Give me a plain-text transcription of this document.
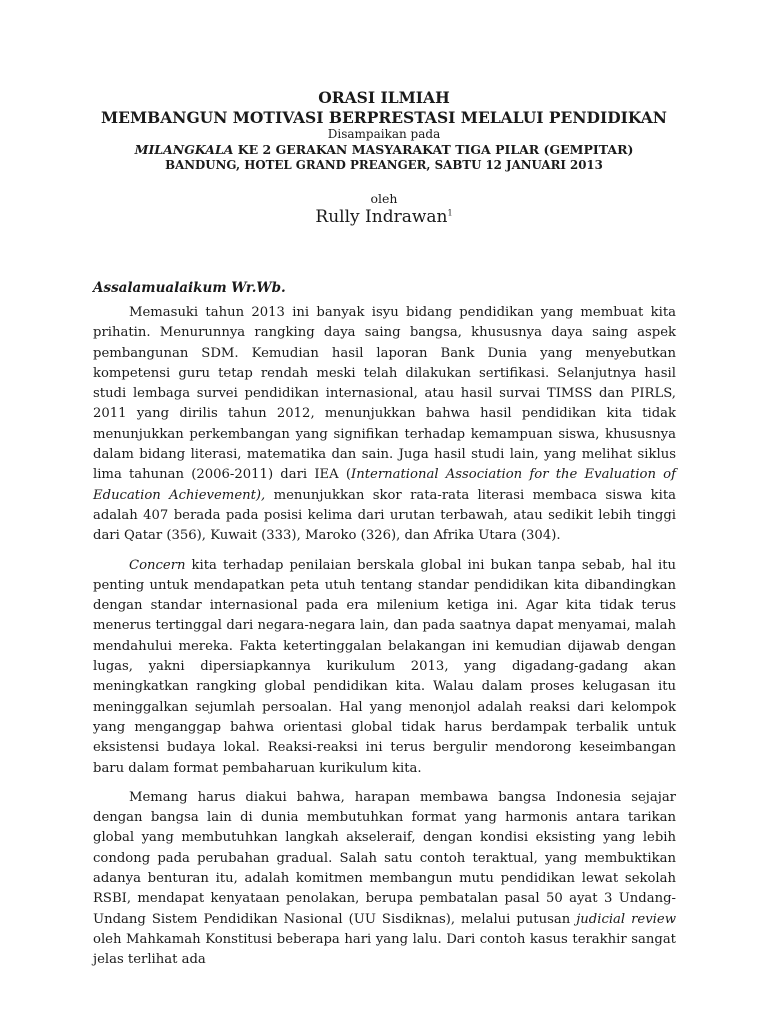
ORASI ILMIAH
MEMBANGUN MOTIVASI BERPRESTASI MELALUI PENDIDIKAN
Disampaikan pada
MILANGKALA KE 2 GERAKAN MASYARAKAT TIGA PILAR (GEMPITAR)
BANDUNG, HOTEL GRAND PREANGER, SABTU 12 JANUARI 2013
oleh
Rully Indrawan$^1$
Assalamualaikum Wr.Wb.

Memasuki tahun 2013 ini banyak isyu bidang pendidikan yang membuat kita prihatin. Menurunnya rangking daya saing bangsa, khususnya daya saing aspek pembangunan SDM. Kemudian hasil laporan Bank Dunia yang menyebutkan kompetensi guru tetap rendah meski telah dilakukan sertifikasi. Selanjutnya hasil studi lembaga survei pendidikan internasional, atau hasil survai TIMSS dan PIRLS, 2011 yang dirilis tahun 2012, menunjukkan bahwa hasil pendidikan kita tidak menunjukkan perkembangan yang signifikan terhadap kemampuan siswa, khususnya dalam bidang literasi, matematika dan sain. Juga hasil studi lain, yang melihat siklus lima tahunan (2006-2011) dari IEA (International Association for the Evaluation of Education Achievement), menunjukkan skor rata-rata literasi membaca siswa kita adalah 407 berada pada posisi kelima dari urutan terbawah, atau sedikit lebih tinggi dari Qatar (356), Kuwait (333), Maroko (326), dan Afrika Utara (304).

Concern kita terhadap penilaian berskala global ini bukan tanpa sebab, hal itu penting untuk mendapatkan peta utuh tentang standar pendidikan kita dibandingkan dengan standar internasional pada era milenium ketiga ini. Agar kita tidak terus menerus tertinggal dari negara-negara lain, dan pada saatnya dapat menyamai, malah mendahului mereka. Fakta ketertinggalan belakangan ini kemudian dijawab dengan lugas, yakni dipersiapkannya kurikulum 2013, yang digadang-gadang akan meningkatkan rangking global pendidikan kita. Walau dalam proses kelugasan itu meninggalkan sejumlah persoalan. Hal yang menonjol adalah reaksi dari kelompok yang menganggap bahwa orientasi global tidak harus berdampak terbalik untuk eksistensi budaya lokal. Reaksi-reaksi ini terus bergulir mendorong keseimbangan baru dalam format pembaharuan kurikulum kita.

Memang harus diakui bahwa, harapan membawa bangsa Indonesia sejajar dengan bangsa lain di dunia membutuhkan format yang harmonis antara tarikan global yang membutuhkan langkah akseleraif, dengan kondisi eksisting yang lebih condong pada perubahan gradual. Salah satu contoh teraktual, yang membuktikan adanya benturan itu, adalah komitmen membangun mutu pendidikan lewat sekolah RSBI, mendapat kenyataan penolakan, berupa pembatalan pasal 50 ayat 3 Undang-Undang Sistem Pendidikan Nasional (UU Sisdiknas), melalui putusan judicial review oleh Mahkamah Konstitusi beberapa hari yang lalu. Dari contoh kasus terakhir sangat jelas terlihat ada
